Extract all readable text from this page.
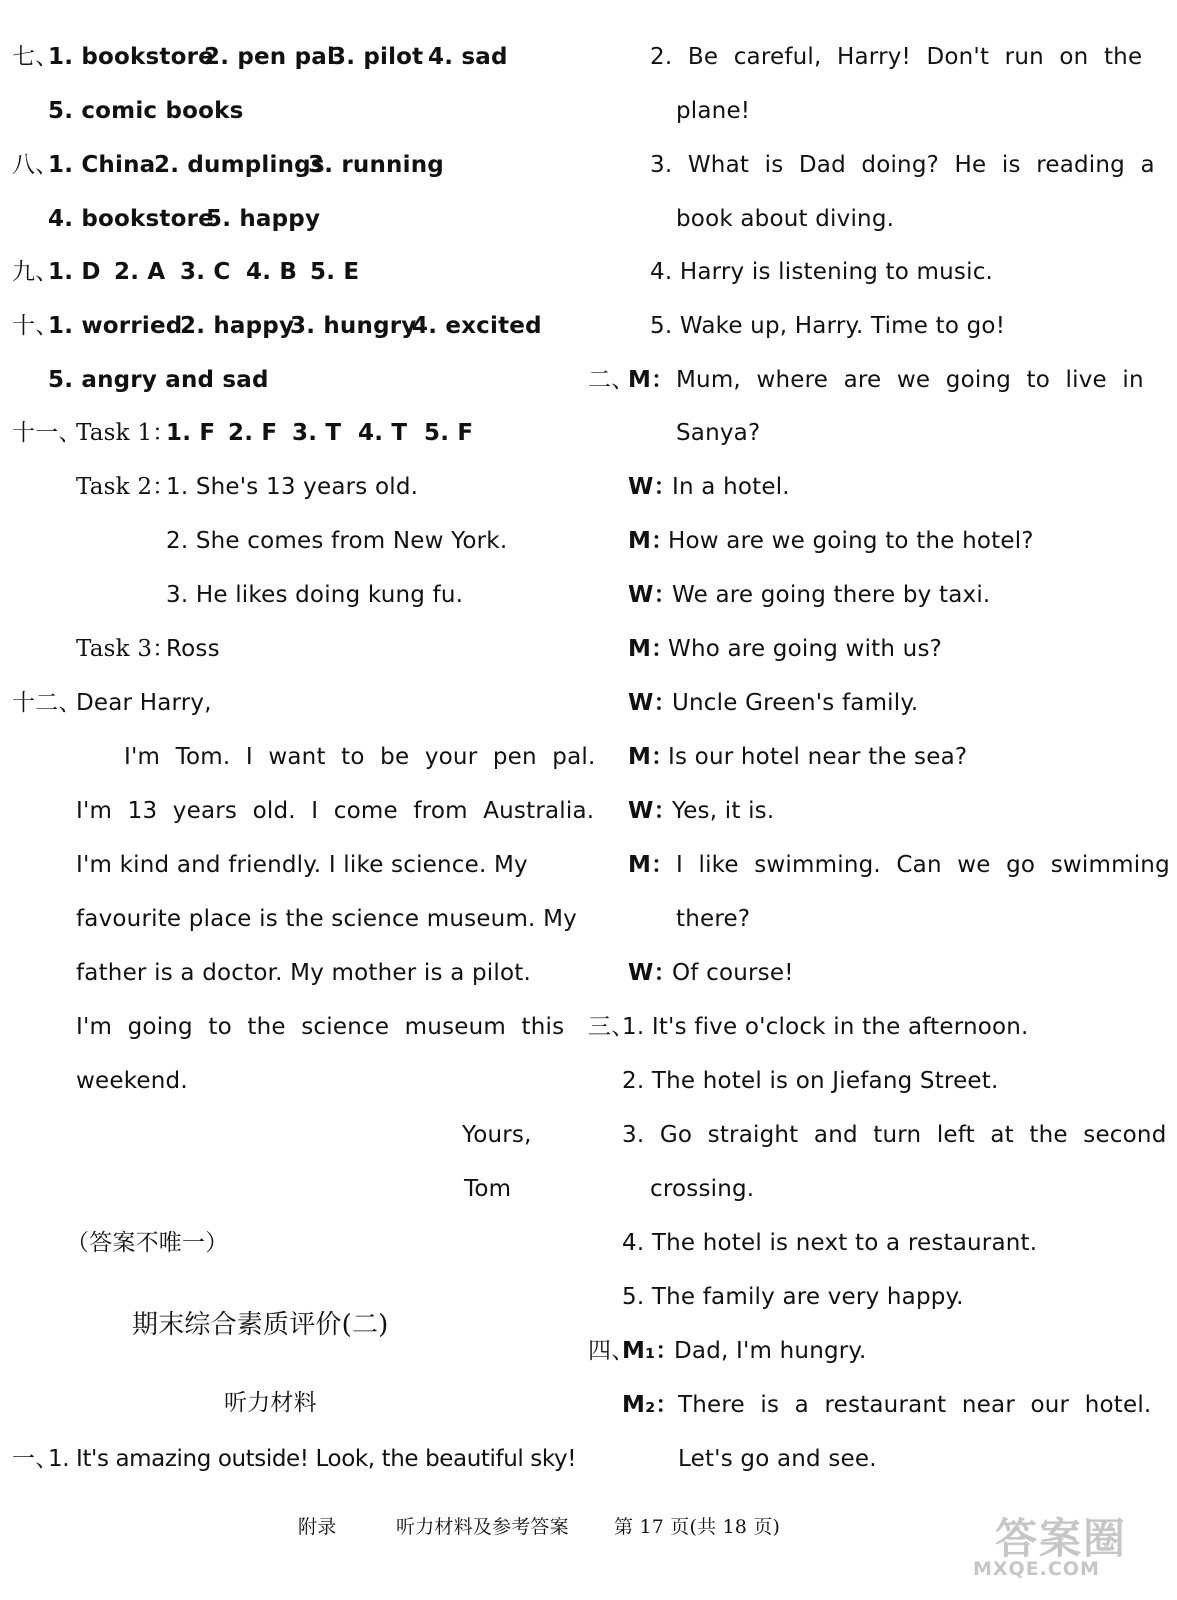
七、
1. bookstore
2. pen pal
3. pilot 4. sad
5. comic books
八、
1. China
2. dumplings
3. running
4. bookstore
5. happy
九、
1. D 2. A 3. C 4. B 5. E
十、
1. worried
2. happy
3. hungry
4. excited
5. angry and sad
十一、
Task 1：
1. F 2. F 3. T 4. T 5. F
Task 2：
1. She's 13 years old.
2. She comes from New York.
3. He likes doing kung fu.
Task 3：
Ross
十二、
Dear Harry,
I'm Tom. I want to be your pen pal.
I'm 13 years old. I come from Australia.
I'm kind and friendly. I like science. My
favourite place is the science museum. My
father is a doctor. My mother is a pilot.
I'm going to the science museum this
weekend.
Yours,
Tom
（答案不唯一）
期末综合素质评价(二)
听力材料
一、
1. It's amazing outside! Look, the beautiful sky!
2. Be careful, Harry! Don't run on the
plane!
3. What is Dad doing? He is reading a
book about diving.
4. Harry is listening to music.
5. Wake up, Harry. Time to go!
二、
M： Mum, where are we going to live in
Sanya?
W：
In a hotel.
M：
How are we going to the hotel?
W：
We are going there by taxi.
M：
Who are going with us?
W：
Uncle Green's family.
M：
Is our hotel near the sea?
W：
Yes, it is.
M： I like swimming. Can we go swimming
there?
W：
Of course!
三、
1. It's five o'clock in the afternoon.
2. The hotel is on Jiefang Street.
3. Go straight and turn left at the second
crossing.
4. The hotel is next to a restaurant.
5. The family are very happy.
四、
M₁：
Dad, I'm hungry.
M₂： There is a restaurant near our hotel.
Let's go and see.
附录	听力材料及参考答案 第 17 页(共 18 页)	答案圈
MXQE.COM
